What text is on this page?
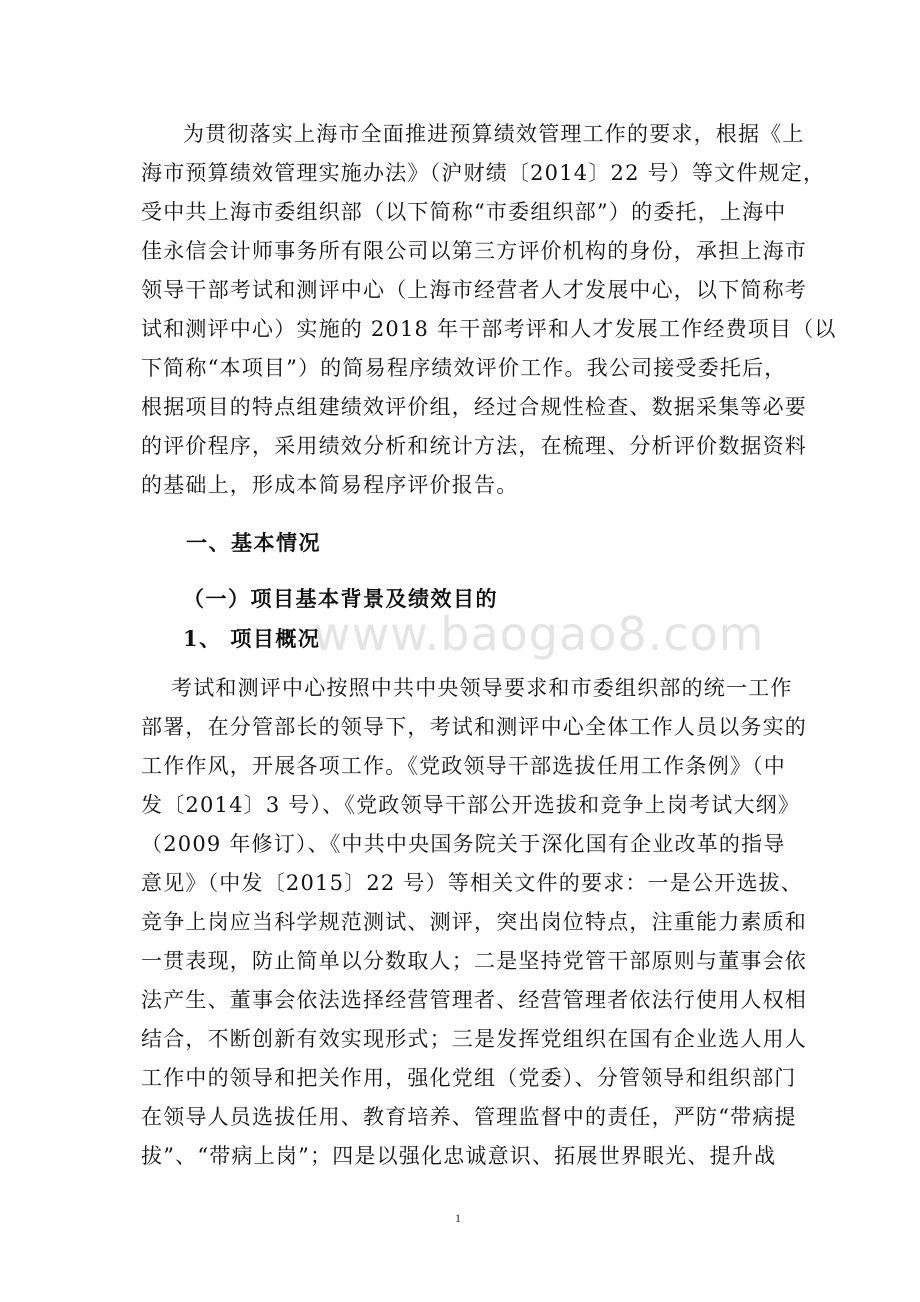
www.baogao8.com
为贯彻落实上海市全面推进预算绩效管理工作的要求，根据《上
海市预算绩效管理实施办法》（沪财绩〔2014〕22 号）等文件规定，
受中共上海市委组织部（以下简称“市委组织部”）的委托，上海中
佳永信会计师事务所有限公司以第三方评价机构的身份，承担上海市
领导干部考试和测评中心（上海市经营者人才发展中心，以下简称考
试和测评中心）实施的 2018 年干部考评和人才发展工作经费项目（以
下简称“本项目”）的简易程序绩效评价工作。我公司接受委托后，
根据项目的特点组建绩效评价组，经过合规性检查、数据采集等必要
的评价程序，采用绩效分析和统计方法，在梳理、分析评价数据资料
的基础上，形成本简易程序评价报告。
一、基本情况
（一）项目基本背景及绩效目的
1、 项目概况
考试和测评中心按照中共中央领导要求和市委组织部的统一工作
部署，在分管部长的领导下，考试和测评中心全体工作人员以务实的
工作作风，开展各项工作。《党政领导干部选拔任用工作条例》（中
发〔2014〕3 号）、《党政领导干部公开选拔和竞争上岗考试大纲》
（2009 年修订）、《中共中央国务院关于深化国有企业改革的指导
意见》（中发〔2015〕22 号）等相关文件的要求：一是公开选拔、
竞争上岗应当科学规范测试、测评，突出岗位特点，注重能力素质和
一贯表现，防止简单以分数取人；二是坚持党管干部原则与董事会依
法产生、董事会依法选择经营管理者、经营管理者依法行使用人权相
结合，不断创新有效实现形式；三是发挥党组织在国有企业选人用人
工作中的领导和把关作用，强化党组（党委）、分管领导和组织部门
在领导人员选拔任用、教育培养、管理监督中的责任，严防“带病提
拔”、“带病上岗”；四是以强化忠诚意识、拓展世界眼光、提升战
1
